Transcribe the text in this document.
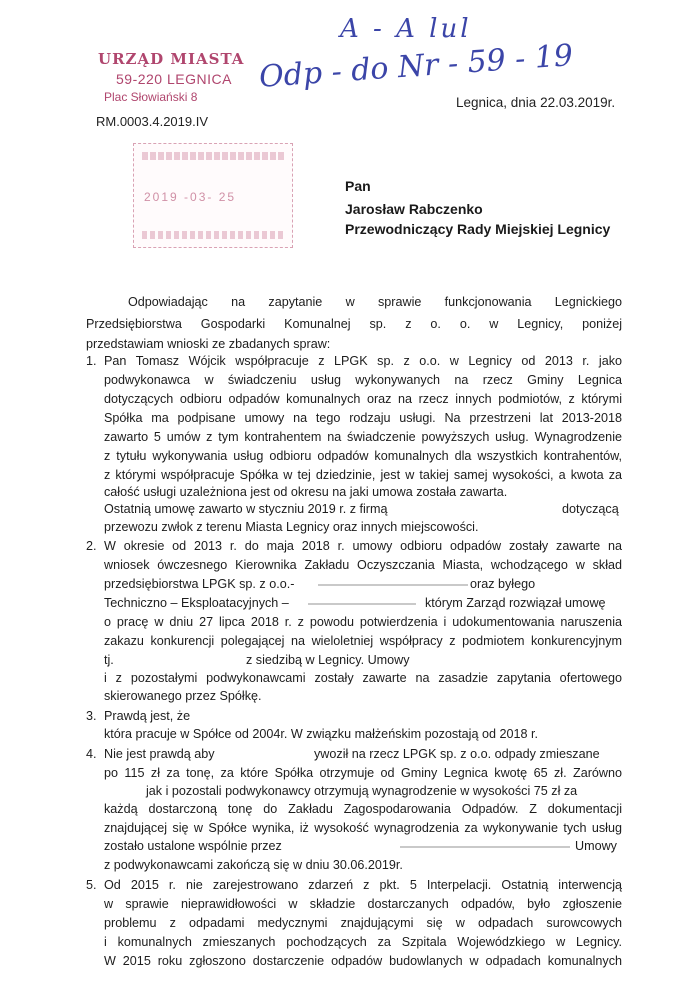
URZĄD MIASTA
59-220 LEGNICA
Plac Słowiański 8
RM.0003.4.2019.IV
A - A lul
Odp - do Nr - 59 - 19
Legnica, dnia 22.03.2019r.
2019 -03- 25
Pan
Jarosław Rabczenko
Przewodniczący Rady Miejskiej Legnicy
Odpowiadając na zapytanie w sprawie funkcjonowania Legnickiego
Przedsiębiorstwa Gospodarki Komunalnej sp. z o. o. w Legnicy, poniżej
przedstawiam wnioski ze zbadanych spraw:
1. Pan Tomasz Wójcik współpracuje z LPGK sp. z o.o. w Legnicy od 2013 r. jako
podwykonawca w świadczeniu usług wykonywanych na rzecz Gminy Legnica
dotyczących odbioru odpadów komunalnych oraz na rzecz innych podmiotów, z którymi
Spółka ma podpisane umowy na tego rodzaju usługi. Na przestrzeni lat 2013-2018
zawarto 5 umów z tym kontrahentem na świadczenie powyższych usług. Wynagrodzenie
z tytułu wykonywania usług odbioru odpadów komunalnych dla wszystkich kontrahentów,
z którymi współpracuje Spółka w tej dziedzinie, jest w takiej samej wysokości, a kwota za
całość usługi uzależniona jest od okresu na jaki umowa została zawarta.
Ostatnią umowę zawarto w styczniu 2019 r. z firmą	dotyczącą
przewozu zwłok z terenu Miasta Legnicy oraz innych miejscowości.
2. W okresie od 2013 r. do maja 2018 r. umowy odbioru odpadów zostały zawarte na
wniosek ówczesnego Kierownika Zakładu Oczyszczania Miasta, wchodzącego w skład
przedsiębiorstwa LPGK sp. z o.o.-	oraz byłego
Techniczno – Eksploatacyjnych –	którym Zarząd rozwiązał umowę
o pracę w dniu 27 lipca 2018 r. z powodu potwierdzenia i udokumentowania naruszenia
zakazu konkurencji polegającej na wieloletniej współpracy z podmiotem konkurencyjnym
tj.	z siedzibą w Legnicy. Umowy
i z pozostałymi podwykonawcami zostały zawarte na zasadzie zapytania ofertowego
skierowanego przez Spółkę.
3. Prawdą jest, że
która pracuje w Spółce od 2004r. W związku małżeńskim pozostają od 2018 r.
4. Nie jest prawdą aby	ywoził na rzecz LPGK sp. z o.o. odpady zmieszane
po 115 zł za tonę, za które Spółka otrzymuje od Gminy Legnica kwotę 65 zł. Zarówno
jak i pozostali podwykonawcy otrzymują wynagrodzenie w wysokości 75 zł za
każdą dostarczoną tonę do Zakładu Zagospodarowania Odpadów. Z dokumentacji
znajdującej się w Spółce wynika, iż wysokość wynagrodzenia za wykonywanie tych usług
zostało ustalone wspólnie przez	Umowy
z podwykonawcami zakończą się w dniu 30.06.2019r.
5. Od 2015 r. nie zarejestrowano zdarzeń z pkt. 5 Interpelacji. Ostatnią interwencją
w sprawie nieprawidłowości w składzie dostarczanych odpadów, było zgłoszenie
problemu z odpadami medycznymi znajdującymi się w odpadach surowcowych
i komunalnych zmieszanych pochodzących za Szpitala Wojewódzkiego w Legnicy.
W 2015 roku zgłoszono dostarczenie odpadów budowlanych w odpadach komunalnych
